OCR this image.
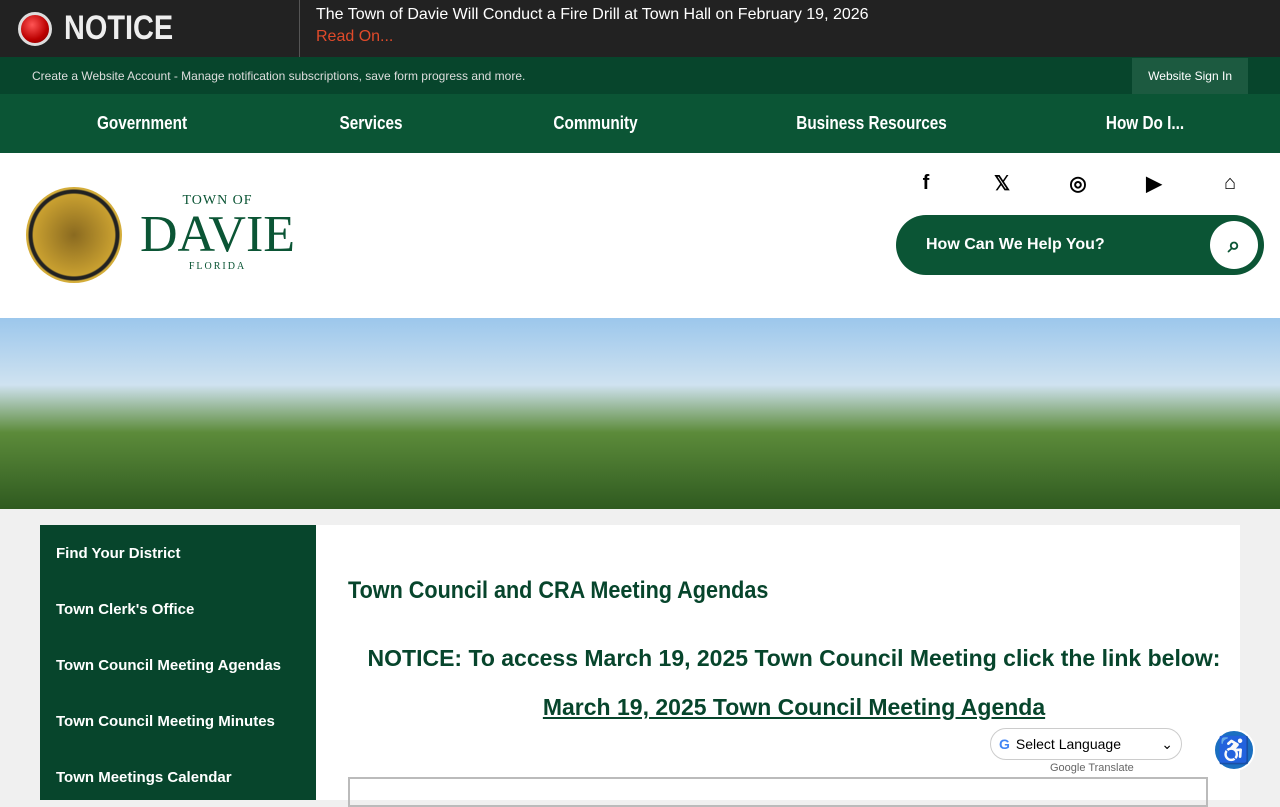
NOTICE	The Town of Davie Will Conduct a Fire Drill at Town Hall on February 19, 2026
Read On...
Create a Website Account - Manage notification subscriptions, save form progress and more.	Website Sign In
Government	Services	Community	Business Resources	How Do I...
TOWN OF
DAVIE
FLORIDA
f	𝕏	◎	▶	⌂
How Can We Help You?	⌕
Find Your District
Town Clerk's Office
Town Council Meeting Agendas
Town Council Meeting Minutes
Town Meetings Calendar
Town Council and CRA Meeting Agendas
NOTICE: To access March 19, 2025 Town Council Meeting click the link below:
March 19, 2025 Town Council Meeting Agenda
G Select Language	⌄
Google Translate
♿
